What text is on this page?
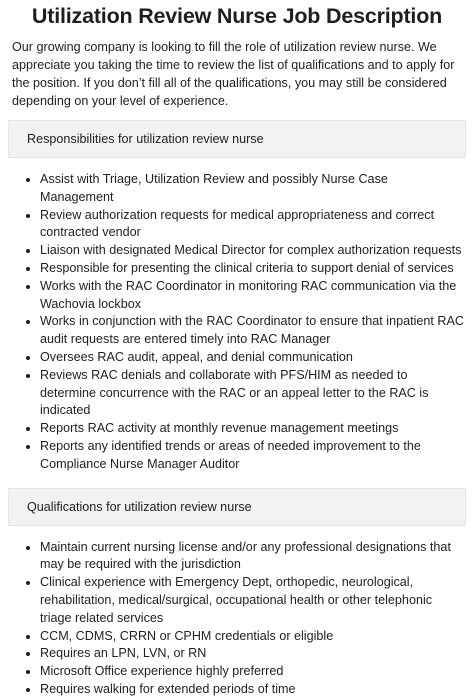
Utilization Review Nurse Job Description

Our growing company is looking to fill the role of utilization review nurse. We appreciate you taking the time to review the list of qualifications and to apply for the position. If you don’t fill all of the qualifications, you may still be considered depending on your level of experience.

Responsibilities for utilization review nurse
• Assist with Triage, Utilization Review and possibly Nurse Case Management
• Review authorization requests for medical appropriateness and correct contracted vendor
• Liaison with designated Medical Director for complex authorization requests
• Responsible for presenting the clinical criteria to support denial of services
• Works with the RAC Coordinator in monitoring RAC communication via the Wachovia lockbox
• Works in conjunction with the RAC Coordinator to ensure that inpatient RAC audit requests are entered timely into RAC Manager
• Oversees RAC audit, appeal, and denial communication
• Reviews RAC denials and collaborate with PFS/HIM as needed to determine concurrence with the RAC or an appeal letter to the RAC is indicated
• Reports RAC activity at monthly revenue management meetings
• Reports any identified trends or areas of needed improvement to the Compliance Nurse Manager Auditor
Qualifications for utilization review nurse
• Maintain current nursing license and/or any professional designations that may be required with the jurisdiction
• Clinical experience with Emergency Dept, orthopedic, neurological, rehabilitation, medical/surgical, occupational health or other telephonic triage related services
• CCM, CDMS, CRRN or CPHM credentials or eligible
• Requires an LPN, LVN, or RN
• Microsoft Office experience highly preferred
• Requires walking for extended periods of time
